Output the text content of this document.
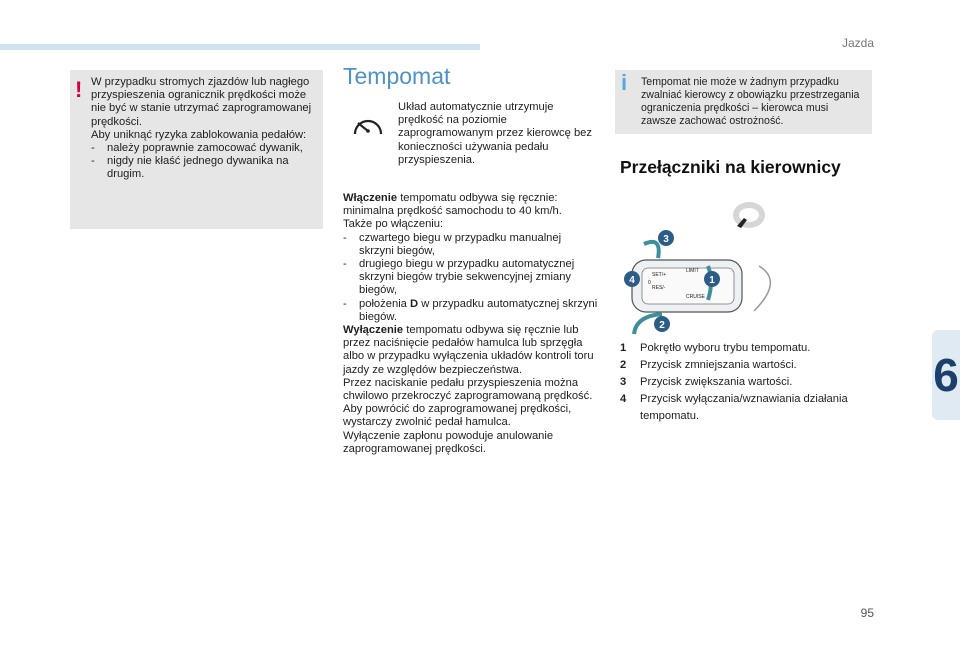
Jazda
6
95
! W przypadku stromych zjazdów lub nagłego przyspieszenia ogranicznik prędkości może nie być w stanie utrzymać zaprogramowanej prędkości.

Aby uniknąć ryzyka zablokowania pedałów:

- należy poprawnie zamocować dywanik,
- nigdy nie kłaść jednego dywanika na drugim.
Tempomat
Układ automatycznie utrzymuje prędkość na poziomie zaprogramowanym przez kierowcę bez konieczności używania pedału przyspieszenia.

Włączenie tempomatu odbywa się ręcznie: minimalna prędkość samochodu to 40 km/h.

Także po włączeniu:

- czwartego biegu w przypadku manualnej skrzyni biegów,
- drugiego biegu w przypadku automatycznej skrzyni biegów trybie sekwencyjnej zmiany biegów,
- położenia D w przypadku automatycznej skrzyni biegów.

Wyłączenie tempomatu odbywa się ręcznie lub przez naciśnięcie pedałów hamulca lub sprzęgła albo w przypadku wyłączenia układów kontroli toru jazdy ze względów bezpieczeństwa.

Przez naciskanie pedału przyspieszenia można chwilowo przekroczyć zaprogramowaną prędkość.

Aby powrócić do zaprogramowanej prędkości, wystarczy zwolnić pedał hamulca.

Wyłączenie zapłonu powoduje anulowanie zaprogramowanej prędkości.

i Tempomat nie może w żadnym przypadku zwalniać kierowcy z obowiązku przestrzegania ograniczenia prędkości – kierowca musi zawsze zachować ostrożność.
Przełączniki na kierownicy
SET/+
RES/-
LIMIT
CRUISE
0
3
1
4
2
1	Pokrętło wyboru trybu tempomatu.
2	Przycisk zmniejszania wartości.
3	Przycisk zwiększania wartości.
4	Przycisk wyłączania/wznawiania działania tempomatu.
